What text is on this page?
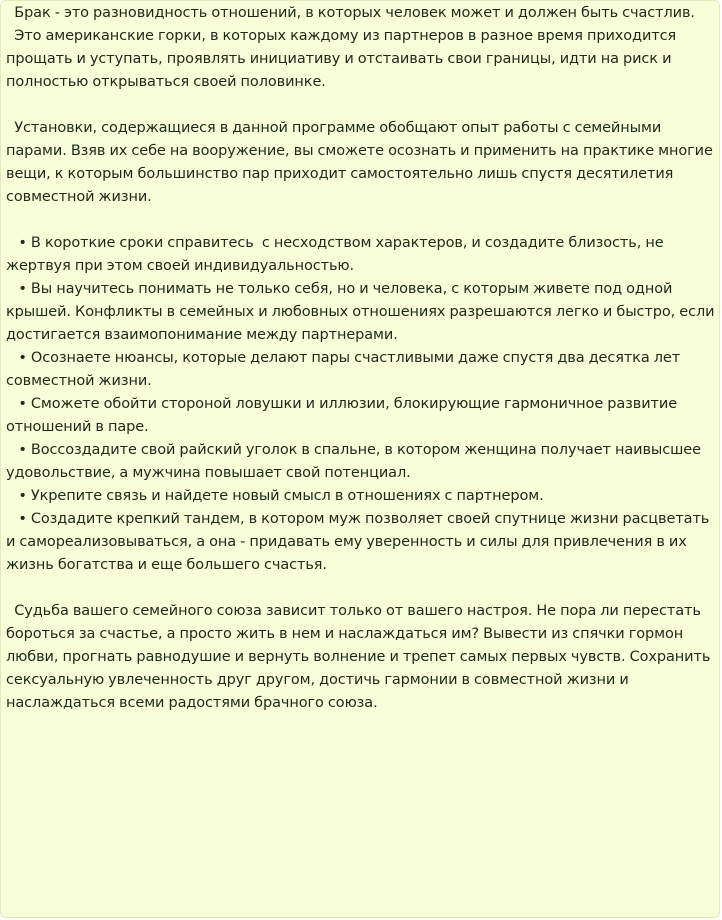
Брак - это разновидность отношений, в которых человек может и должен быть счастлив.

Это американские горки, в которых каждому из партнеров в разное время приходится прощать и уступать, проявлять инициативу и отстаивать свои границы, идти на риск и полностью открываться своей половинке.

Установки, содержащиеся в данной программе обобщают опыт работы с семейными парами. Взяв их себе на вооружение, вы сможете осознать и применить на практике многие вещи, к которым большинство пар приходит самостоятельно лишь спустя десятилетия совместной жизни.

• В короткие сроки справитесь  с несходством характеров, и создадите близость, не жертвуя при этом своей индивидуальностью.

• Вы научитесь понимать не только себя, но и человека, с которым живете под одной крышей. Конфликты в семейных и любовных отношениях разрешаются легко и быстро, если достигается взаимопонимание между партнерами.

• Осознаете нюансы, которые делают пары счастливыми даже спустя два десятка лет совместной жизни.

• Сможете обойти стороной ловушки и иллюзии, блокирующие гармоничное развитие отношений в паре.

• Воссоздадите свой райский уголок в спальне, в котором женщина получает наивысшее удовольствие, а мужчина повышает свой потенциал.

• Укрепите связь и найдете новый смысл в отношениях с партнером.

• Создадите крепкий тандем, в котором муж позволяет своей спутнице жизни расцветать и самореализовываться, а она - придавать ему уверенность и силы для привлечения в их жизнь богатства и еще большего счастья.

Судьба вашего семейного союза зависит только от вашего настроя. Не пора ли перестать бороться за счастье, а просто жить в нем и наслаждаться им? Вывести из спячки гормон любви, прогнать равнодушие и вернуть волнение и трепет самых первых чувств. Сохранить сексуальную увлеченность друг другом, достичь гармонии в совместной жизни и наслаждаться всеми радостями брачного союза.
